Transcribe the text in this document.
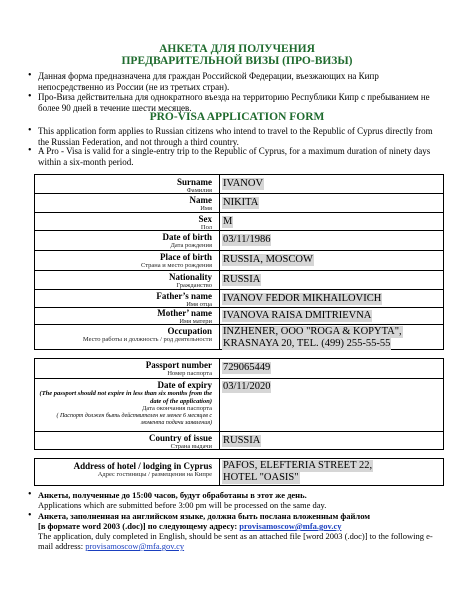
АНКЕТА ДЛЯ ПОЛУЧЕНИЯ
ПРЕДВАРИТЕЛЬНОЙ ВИЗЫ (ПРО-ВИЗЫ)
• Данная форма предназначена для граждан Российской Федерации, въезжающих на Кипр непосредственно из России (не из третьих стран).
• Про-Виза действительна для однократного въезда на территорию Республики Кипр с пребыванием не более 90 дней в течение шести месяцев.
PRO-VISA APPLICATION FORM
• This application form applies to Russian citizens who intend to travel to the Republic of Cyprus directly from the Russian Federation, and not through a third country.
• A Pro - Visa is valid for a single-entry trip to the Republic of Cyprus, for a maximum duration of ninety days within a six-month period.
Surname
Фамилия
IVANOV
Name
Имя
NIKITA
Sex
Пол
M
Date of birth
Дата рождения
03/11/1986
Place of birth
Страна и место рождения
RUSSIA, MOSCOW
Nationality
Гражданство
RUSSIA
Father’s name
Имя отца
IVANOV FEDOR MIKHAILOVICH
Mother’ name
Имя матери
IVANOVA RAISA DMITRIEVNA
Occupation
Место работы и должность / род деятельности
INZHENER, OOO "ROGA & KOPYTA",
KRASNAYA 20, TEL. (499) 255-55-55
Passport number
Номер паспорта
729065449
Date of expiry
(The passport should not expire in less than six months from the date of the application)
Дата окончания паспорта
( Паспорт должен быть действителен не менее 6 месяцев с момента подачи заявления)
03/11/2020
Country of issue
Страна выдачи
RUSSIA
Address of hotel / lodging in Cyprus
Адрес гостиницы / размещения на Кипре
PAFOS, ELEFTERIA STREET 22,
HOTEL "OASIS"
• Анкеты, полученные до 15:00 часов, будут обработаны в этот же день.
Applications which are submitted before 3:00 pm will be processed on the same day.
• Анкета, заполненная на английском языке, должна быть послана вложенным файлом
[в формате word 2003 (.doc)] по следующему адресу: provisamoscow@mfa.gov.cy
The application, duly completed in English, should be sent as an attached file [word 2003 (.doc)] to the following e-mail address: provisamoscow@mfa.gov.cy
